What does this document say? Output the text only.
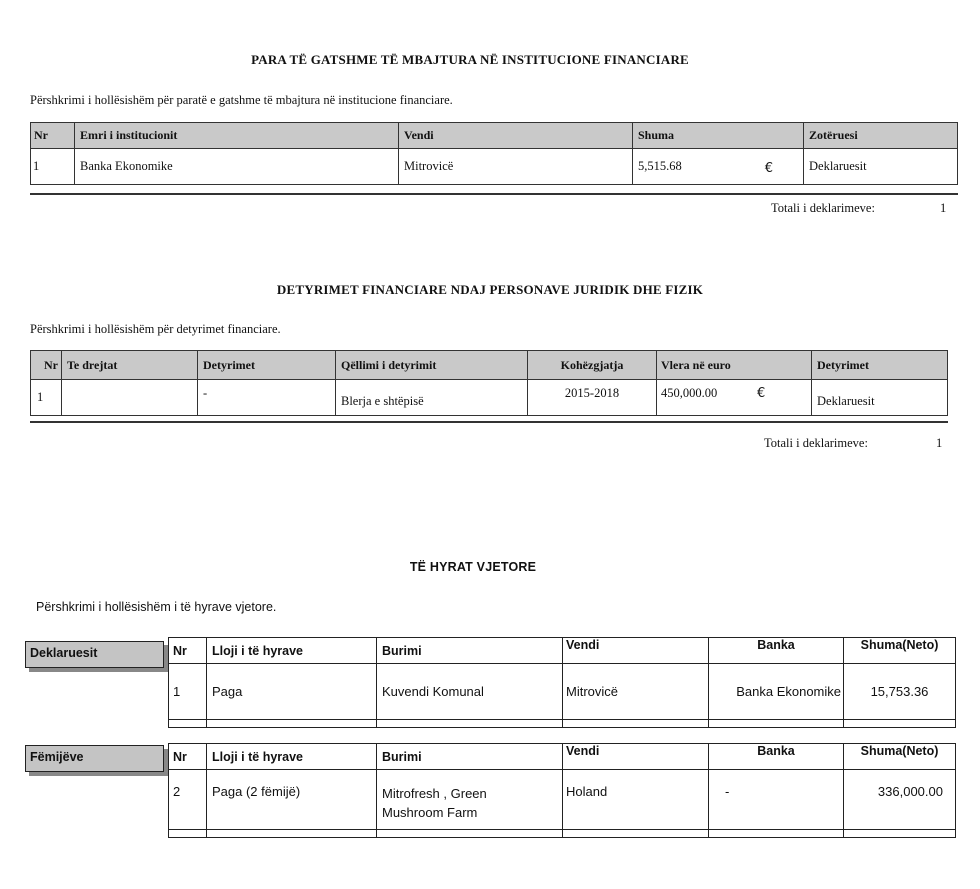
PARA TË GATSHME TË MBAJTURA NË INSTITUCIONE FINANCIARE
Përshkrimi i hollësishëm për paratë e gatshme të mbajtura në institucione financiare.
Nr	Emri i institucionit	Vendi	Shuma	Zotëruesi
1	Banka Ekonomike	Mitrovicë	5,515.68 €	Deklaruesit
Totali i deklarimeve:	1
DETYRIMET FINANCIARE NDAJ PERSONAVE JURIDIK DHE FIZIK
Përshkrimi i hollësishëm për detyrimet financiare.
Nr	Te drejtat	Detyrimet	Qëllimi i detyrimit	Kohëzgjatja	Vlera në euro	Detyrimet
1		-	Blerja e shtëpisë	2015-2018	450,000.00 €	Deklaruesit
Totali i deklarimeve:	1
TË HYRAT VJETORE
Përshkrimi i hollësishëm i të hyrave vjetore.
Deklaruesit	Nr	Lloji i të hyrave	Burimi	Vendi	Banka	Shuma(Neto)
1	Paga	Kuvendi Komunal	Mitrovicë	Banka Ekonomike	15,753.36

Fëmijëve	Nr	Lloji i të hyrave	Burimi	Vendi	Banka	Shuma(Neto)
2	Paga (2 fëmijë)	Mitrofresh , Green
Mushroom Farm	Holand	-	336,000.00
